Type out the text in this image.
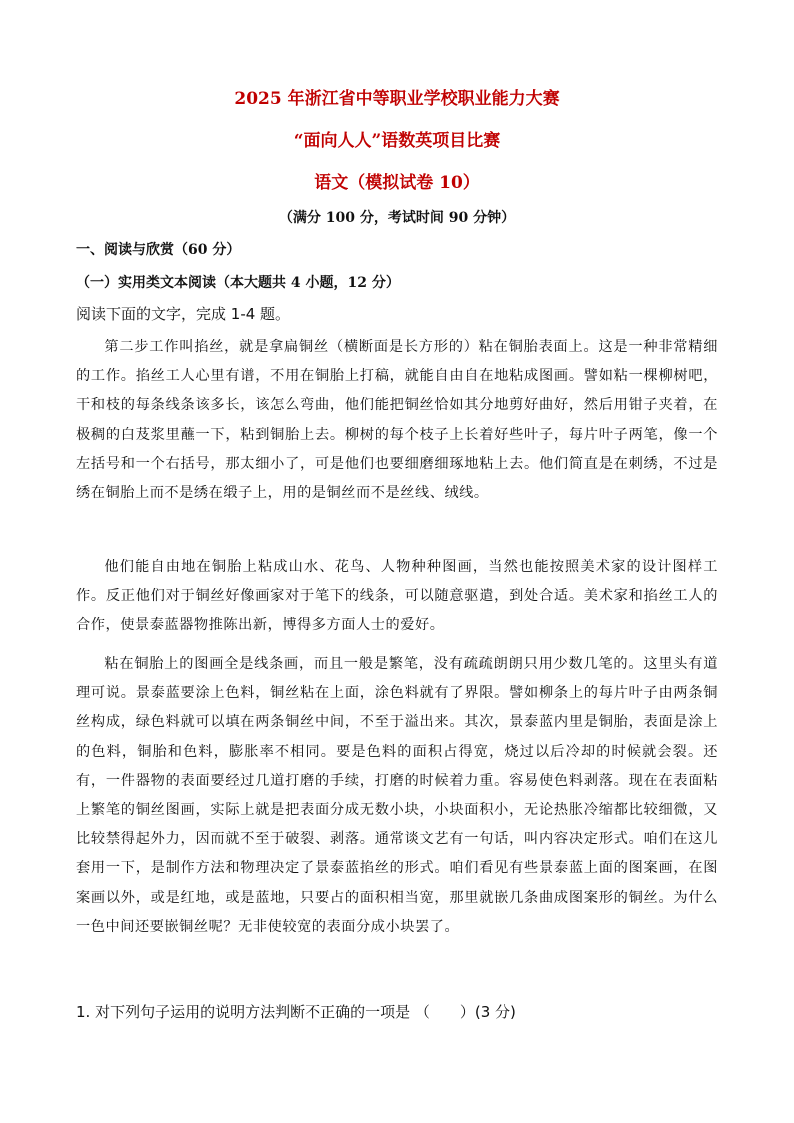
2025 年浙江省中等职业学校职业能力大赛
“面向人人”语数英项目比赛
语文（模拟试卷 10）
（满分 100 分，考试时间 90 分钟）
一、阅读与欣赏（60 分）
（一）实用类文本阅读（本大题共 4 小题，12 分）
阅读下面的文字，完成 1-4 题。

第二步工作叫掐丝，就是拿扁铜丝（横断面是长方形的）粘在铜胎表面上。这是一种非常精细的工作。掐丝工人心里有谱，不用在铜胎上打稿，就能自由自在地粘成图画。譬如粘一棵柳树吧，干和枝的每条线条该多长，该怎么弯曲，他们能把铜丝恰如其分地剪好曲好，然后用钳子夹着，在极稠的白芨浆里蘸一下，粘到铜胎上去。柳树的每个枝子上长着好些叶子，每片叶子两笔，像一个左括号和一个右括号，那太细小了，可是他们也要细磨细琢地粘上去。他们简直是在刺绣，不过是绣在铜胎上而不是绣在缎子上，用的是铜丝而不是丝线、绒线。

他们能自由地在铜胎上粘成山水、花鸟、人物种种图画，当然也能按照美术家的设计图样工作。反正他们对于铜丝好像画家对于笔下的线条，可以随意驱遣，到处合适。美术家和掐丝工人的合作，使景泰蓝器物推陈出新，博得多方面人士的爱好。

粘在铜胎上的图画全是线条画，而且一般是繁笔，没有疏疏朗朗只用少数几笔的。这里头有道理可说。景泰蓝要涂上色料，铜丝粘在上面，涂色料就有了界限。譬如柳条上的每片叶子由两条铜丝构成，绿色料就可以填在两条铜丝中间，不至于溢出来。其次，景泰蓝内里是铜胎，表面是涂上的色料，铜胎和色料，膨胀率不相同。要是色料的面积占得宽，烧过以后冷却的时候就会裂。还有，一件器物的表面要经过几道打磨的手续，打磨的时候着力重。容易使色料剥落。现在在表面粘上繁笔的铜丝图画，实际上就是把表面分成无数小块，小块面积小，无论热胀冷缩都比较细微，又比较禁得起外力，因而就不至于破裂、剥落。通常谈文艺有一句话，叫内容决定形式。咱们在这儿套用一下，是制作方法和物理决定了景泰蓝掐丝的形式。咱们看见有些景泰蓝上面的图案画，在图案画以外，或是红地，或是蓝地，只要占的面积相当宽，那里就嵌几条曲成图案形的铜丝。为什么一色中间还要嵌铜丝呢？无非使较宽的表面分成小块罢了。

1. 对下列句子运用的说明方法判断不正确的一项是 （　　）(3 分)
